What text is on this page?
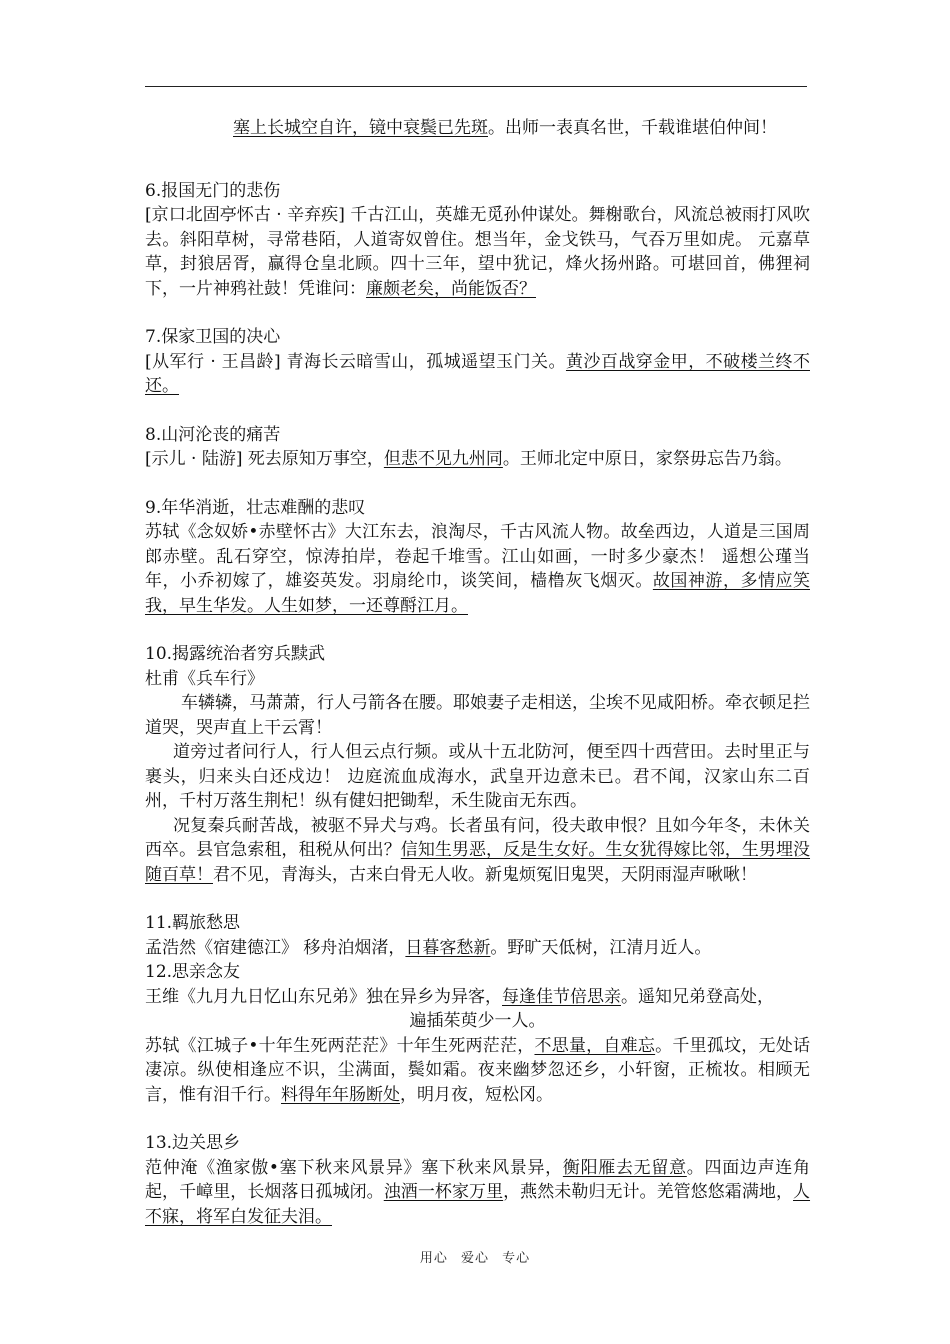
塞上长城空自许，镜中衰鬓已先斑。出师一表真名世，千载谁堪伯仲间！

6.报国无门的悲伤

[京口北固亭怀古 · 辛弃疾] 千古江山，英雄无觅孙仲谋处。舞榭歌台，风流总被雨打风吹去。斜阳草树，寻常巷陌，人道寄奴曾住。想当年，金戈铁马，气吞万里如虎。 元嘉草草，封狼居胥，赢得仓皇北顾。四十三年，望中犹记，烽火扬州路。可堪回首，佛狸祠下，一片神鸦社鼓！凭谁问：廉颇老矣，尚能饭否？

7.保家卫国的决心

[从军行 · 王昌龄] 青海长云暗雪山，孤城遥望玉门关。黄沙百战穿金甲，不破楼兰终不还。

8.山河沦丧的痛苦

[示儿 · 陆游] 死去原知万事空，但悲不见九州同。王师北定中原日，家祭毋忘告乃翁。

9.年华消逝，壮志难酬的悲叹

苏轼《念奴娇•赤壁怀古》大江东去，浪淘尽，千古风流人物。故垒西边，人道是三国周郎赤壁。乱石穿空，惊涛拍岸，卷起千堆雪。江山如画，一时多少豪杰！ 遥想公瑾当年，小乔初嫁了，雄姿英发。羽扇纶巾，谈笑间，樯橹灰飞烟灭。故国神游，多情应笑我，早生华发。人生如梦，一还尊酹江月。

10.揭露统治者穷兵黩武

杜甫《兵车行》

车辚辚，马萧萧，行人弓箭各在腰。耶娘妻子走相送，尘埃不见咸阳桥。牵衣顿足拦道哭，哭声直上干云霄！

道旁过者问行人，行人但云点行频。或从十五北防河，便至四十西营田。去时里正与裹头，归来头白还戍边！ 边庭流血成海水，武皇开边意未已。君不闻，汉家山东二百州，千村万落生荆杞！纵有健妇把锄犁，禾生陇亩无东西。

况复秦兵耐苦战，被驱不异犬与鸡。长者虽有问，役夫敢申恨？且如今年冬，未休关西卒。县官急索租，租税从何出？信知生男恶，反是生女好。生女犹得嫁比邻，生男埋没随百草！君不见，青海头，古来白骨无人收。新鬼烦冤旧鬼哭，天阴雨湿声啾啾！

11.羁旅愁思

孟浩然《宿建德江》 移舟泊烟渚，日暮客愁新。野旷天低树，江清月近人。

12.思亲念友

王维《九月九日忆山东兄弟》独在异乡为异客，每逢佳节倍思亲。遥知兄弟登高处，

遍插茱萸少一人。

苏轼《江城子•十年生死两茫茫》十年生死两茫茫，不思量，自难忘。千里孤坟，无处话凄凉。纵使相逢应不识，尘满面，鬓如霜。夜来幽梦忽还乡，小轩窗，正梳妆。相顾无言，惟有泪千行。料得年年肠断处，明月夜，短松冈。

13.边关思乡

范仲淹《渔家傲•塞下秋来风景异》塞下秋来风景异，衡阳雁去无留意。四面边声连角起，千嶂里，长烟落日孤城闭。浊酒一杯家万里，燕然未勒归无计。羌管悠悠霜满地，人不寐，将军白发征夫泪。

用心 爱心 专心
